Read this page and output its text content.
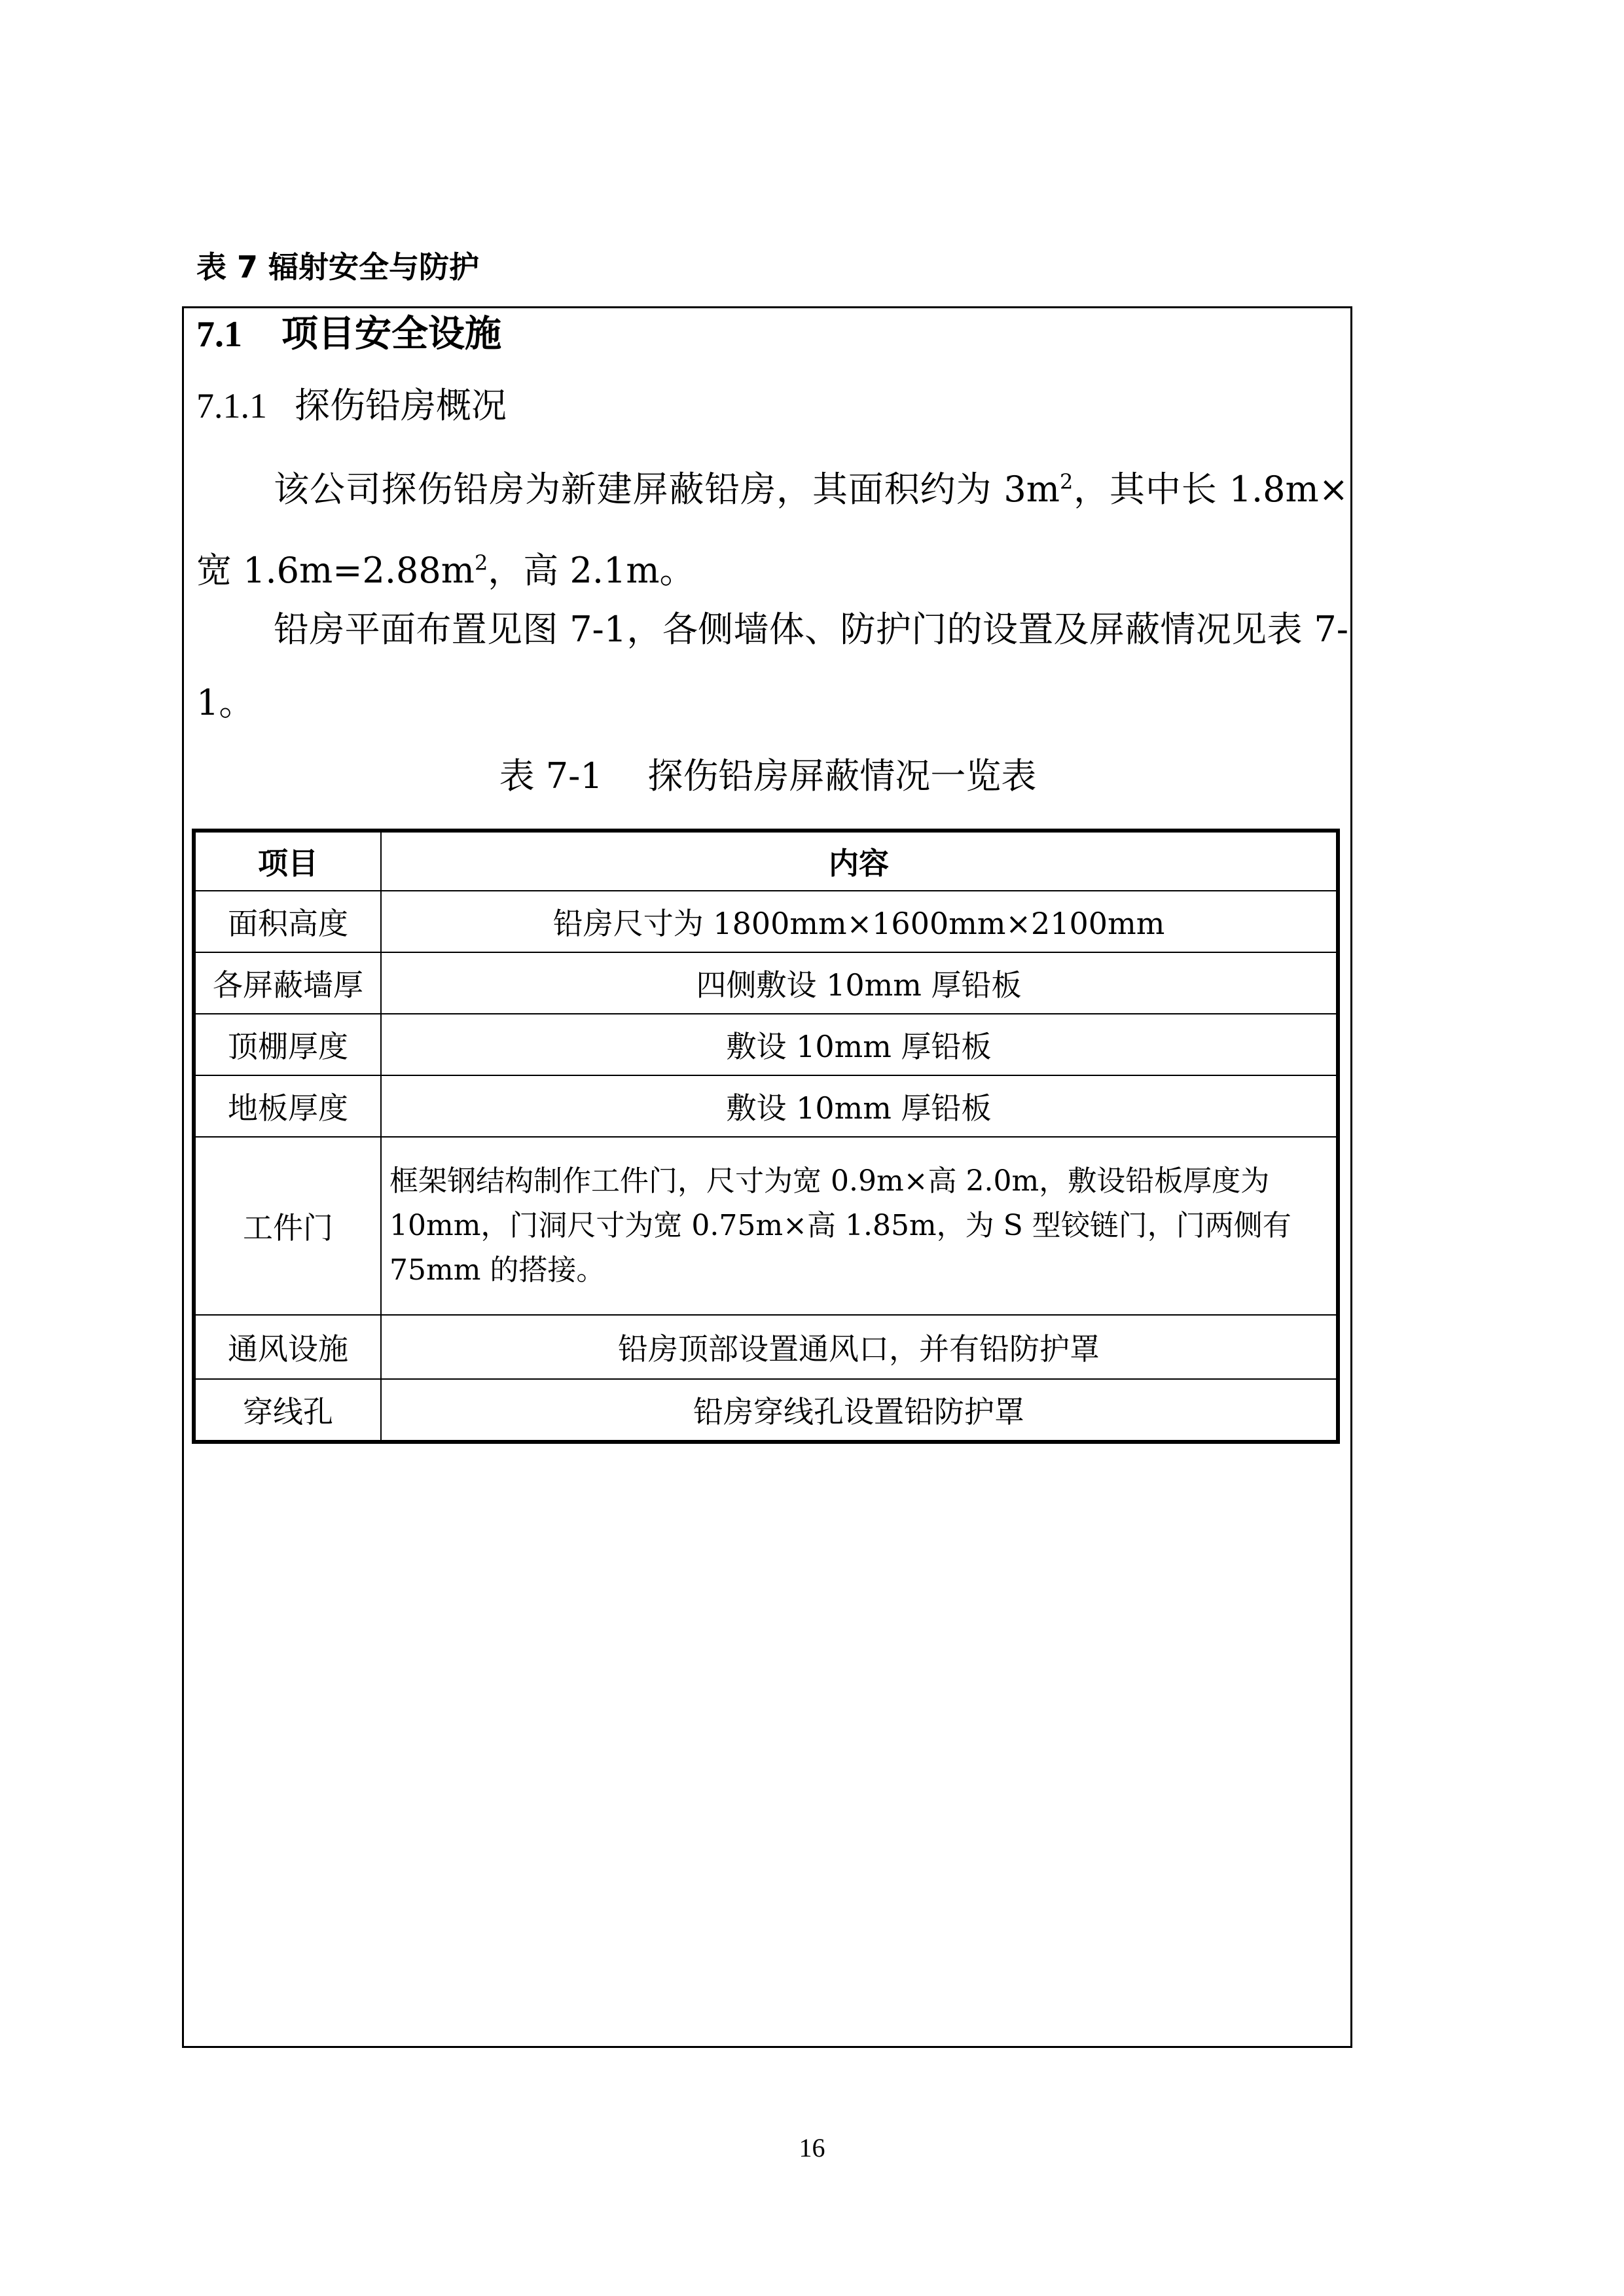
表 7 辐射安全与防护
7.1 项目安全设施
7.1.1 探伤铅房概况
该公司探伤铅房为新建屏蔽铅房，其面积约为 $3m^2$，其中长 1.8m×宽 $1.6m=2.88m^2$，高 2.1m。
铅房平面布置见图 7-1，各侧墙体、防护门的设置及屏蔽情况见表 7-1。
表 7-1 探伤铅房屏蔽情况一览表
项目	内容
面积高度	铅房尺寸为 1800mm×1600mm×2100mm
各屏蔽墙厚	四侧敷设 10mm 厚铅板
顶棚厚度	敷设 10mm 厚铅板
地板厚度	敷设 10mm 厚铅板
工件门	框架钢结构制作工件门，尺寸为宽 0.9m×高 2.0m，敷设铅板厚度为 10mm，门洞尺寸为宽 0.75m×高 1.85m，为 S 型铰链门，门两侧有 75mm 的搭接。
通风设施	铅房顶部设置通风口，并有铅防护罩
穿线孔	铅房穿线孔设置铅防护罩
16
